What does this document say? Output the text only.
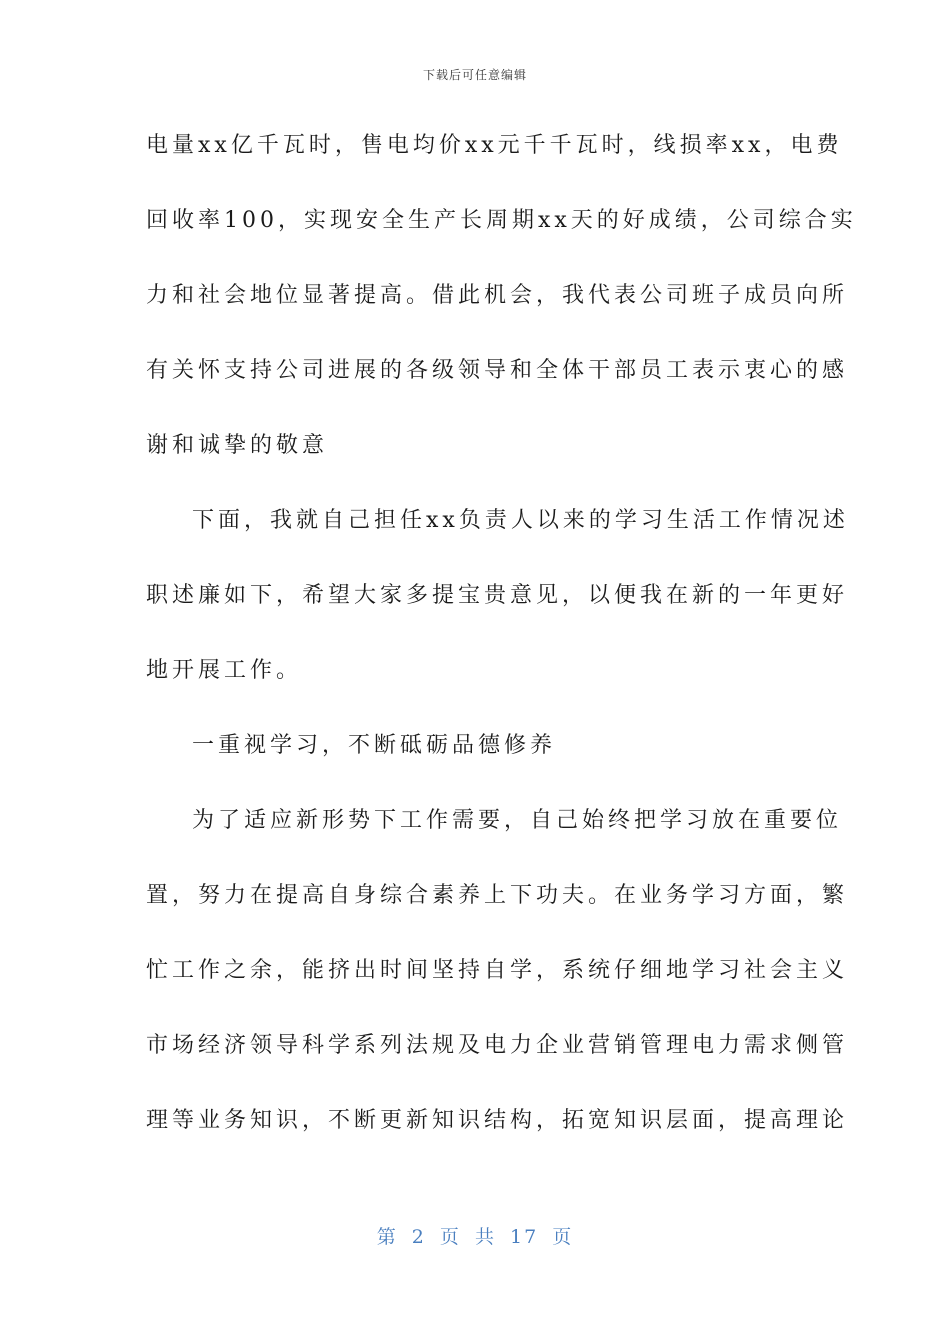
下载后可任意编辑
电量xx亿千瓦时，售电均价xx元千千瓦时，线损率xx，电费
回收率100，实现安全生产长周期xx天的好成绩，公司综合实
力和社会地位显著提高。借此机会，我代表公司班子成员向所
有关怀支持公司进展的各级领导和全体干部员工表示衷心的感
谢和诚挚的敬意
下面，我就自己担任xx负责人以来的学习生活工作情况述
职述廉如下，希望大家多提宝贵意见，以便我在新的一年更好
地开展工作。
一重视学习，不断砥砺品德修养
为了适应新形势下工作需要，自己始终把学习放在重要位
置，努力在提高自身综合素养上下功夫。在业务学习方面，繁
忙工作之余，能挤出时间坚持自学，系统仔细地学习社会主义
市场经济领导科学系列法规及电力企业营销管理电力需求侧管
理等业务知识，不断更新知识结构，拓宽知识层面，提高理论
第 2 页 共 17 页
